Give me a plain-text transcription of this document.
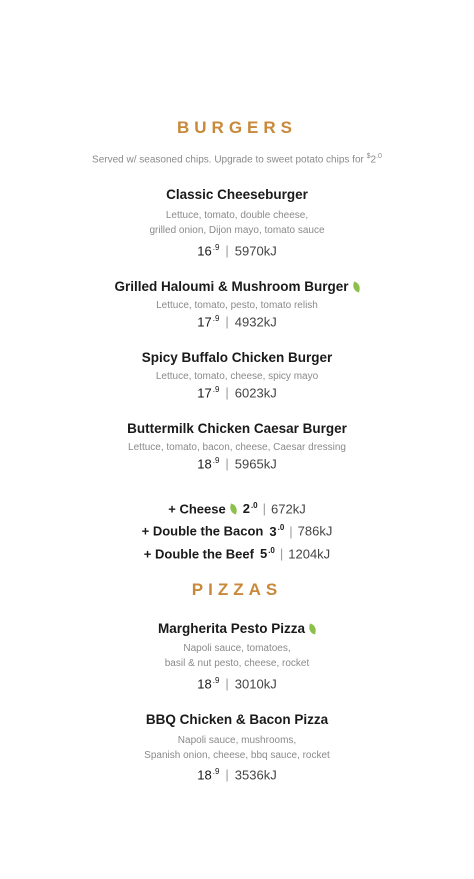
BURGERS
Served w/ seasoned chips. Upgrade to sweet potato chips for $^{\$}2^{.0}$
Classic Cheeseburger
Lettuce, tomato, double cheese,
grilled onion, Dijon mayo, tomato sauce
$16^{.9}$ | 5970kJ
Grilled Haloumi & Mushroom Burger
Lettuce, tomato, pesto, tomato relish
$17^{.9}$ | 4932kJ
Spicy Buffalo Chicken Burger
Lettuce, tomato, cheese, spicy mayo
$17^{.9}$ | 6023kJ
Buttermilk Chicken Caesar Burger
Lettuce, tomato, bacon, cheese, Caesar dressing
$18^{.9}$ | 5965kJ
+ Cheese $2^{.0}$ | 672kJ
+ Double the Bacon $3^{.0}$ | 786kJ
+ Double the Beef $5^{.0}$ | 1204kJ
PIZZAS
Margherita Pesto Pizza
Napoli sauce, tomatoes,
basil & nut pesto, cheese, rocket
$18^{.9}$ | 3010kJ
BBQ Chicken & Bacon Pizza
Napoli sauce, mushrooms,
Spanish onion, cheese, bbq sauce, rocket
$18^{.9}$ | 3536kJ
